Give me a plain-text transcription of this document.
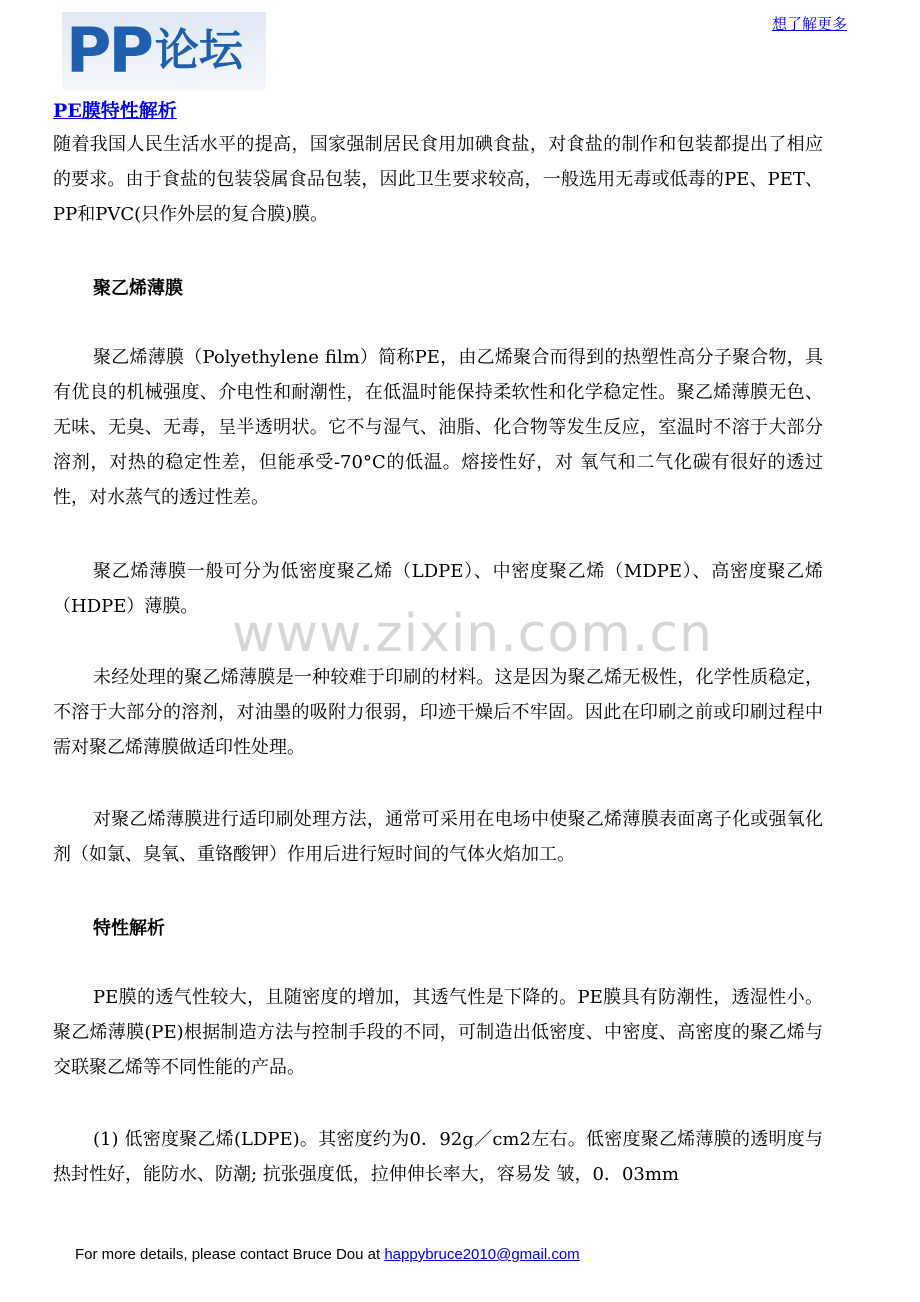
PP 论坛
想了解更多
PE膜特性解析

随着我国人民生活水平的提高，国家强制居民食用加碘食盐，对食盐的制作和包装都提出了相应的要求。由于食盐的包装袋属食品包装，因此卫生要求较高，一般选用无毒或低毒的PE、PET、PP和PVC(只作外层的复合膜)膜。

聚乙烯薄膜

聚乙烯薄膜（Polyethylene film）简称PE，由乙烯聚合而得到的热塑性高分子聚合物，具有优良的机械强度、介电性和耐潮性，在低温时能保持柔软性和化学稳定性。聚乙烯薄膜无色、 无味、无臭、无毒，呈半透明状。它不与湿气、油脂、化合物等发生反应，室温时不溶于大部分溶剂，对热的稳定性差，但能承受-70°C的低温。熔接性好，对 氧气和二气化碳有很好的透过性，对水蒸气的透过性差。

聚乙烯薄膜一般可分为低密度聚乙烯（LDPE）、中密度聚乙烯（MDPE）、高密度聚乙烯（HDPE）薄膜。 www.zixin.com.cn

未经处理的聚乙烯薄膜是一种较难于印刷的材料。这是因为聚乙烯无极性，化学性质稳定，不溶于大部分的溶剂，对油墨的吸附力很弱，印迹干燥后不牢固。因此在印刷之前或印刷过程中需对聚乙烯薄膜做适印性处理。

对聚乙烯薄膜进行适印刷处理方法，通常可采用在电场中使聚乙烯薄膜表面离子化或强氧化剂（如氯、臭氧、重铬酸钾）作用后进行短时间的气体火焰加工。

特性解析

PE膜的透气性较大，且随密度的增加，其透气性是下降的。PE膜具有防潮性，透湿性小。聚乙烯薄膜(PE)根据制造方法与控制手段的不同，可制造出低密度、中密度、高密度的聚乙烯与交联聚乙烯等不同性能的产品。

(1) 低密度聚乙烯(LDPE)。其密度约为0．92g／cm2左右。低密度聚乙烯薄膜的透明度与热封性好，能防水、防潮; 抗张强度低，拉伸伸长率大，容易发 皱，0．03mm

For more details, please contact Bruce Dou at happybruce2010@gmail.com
